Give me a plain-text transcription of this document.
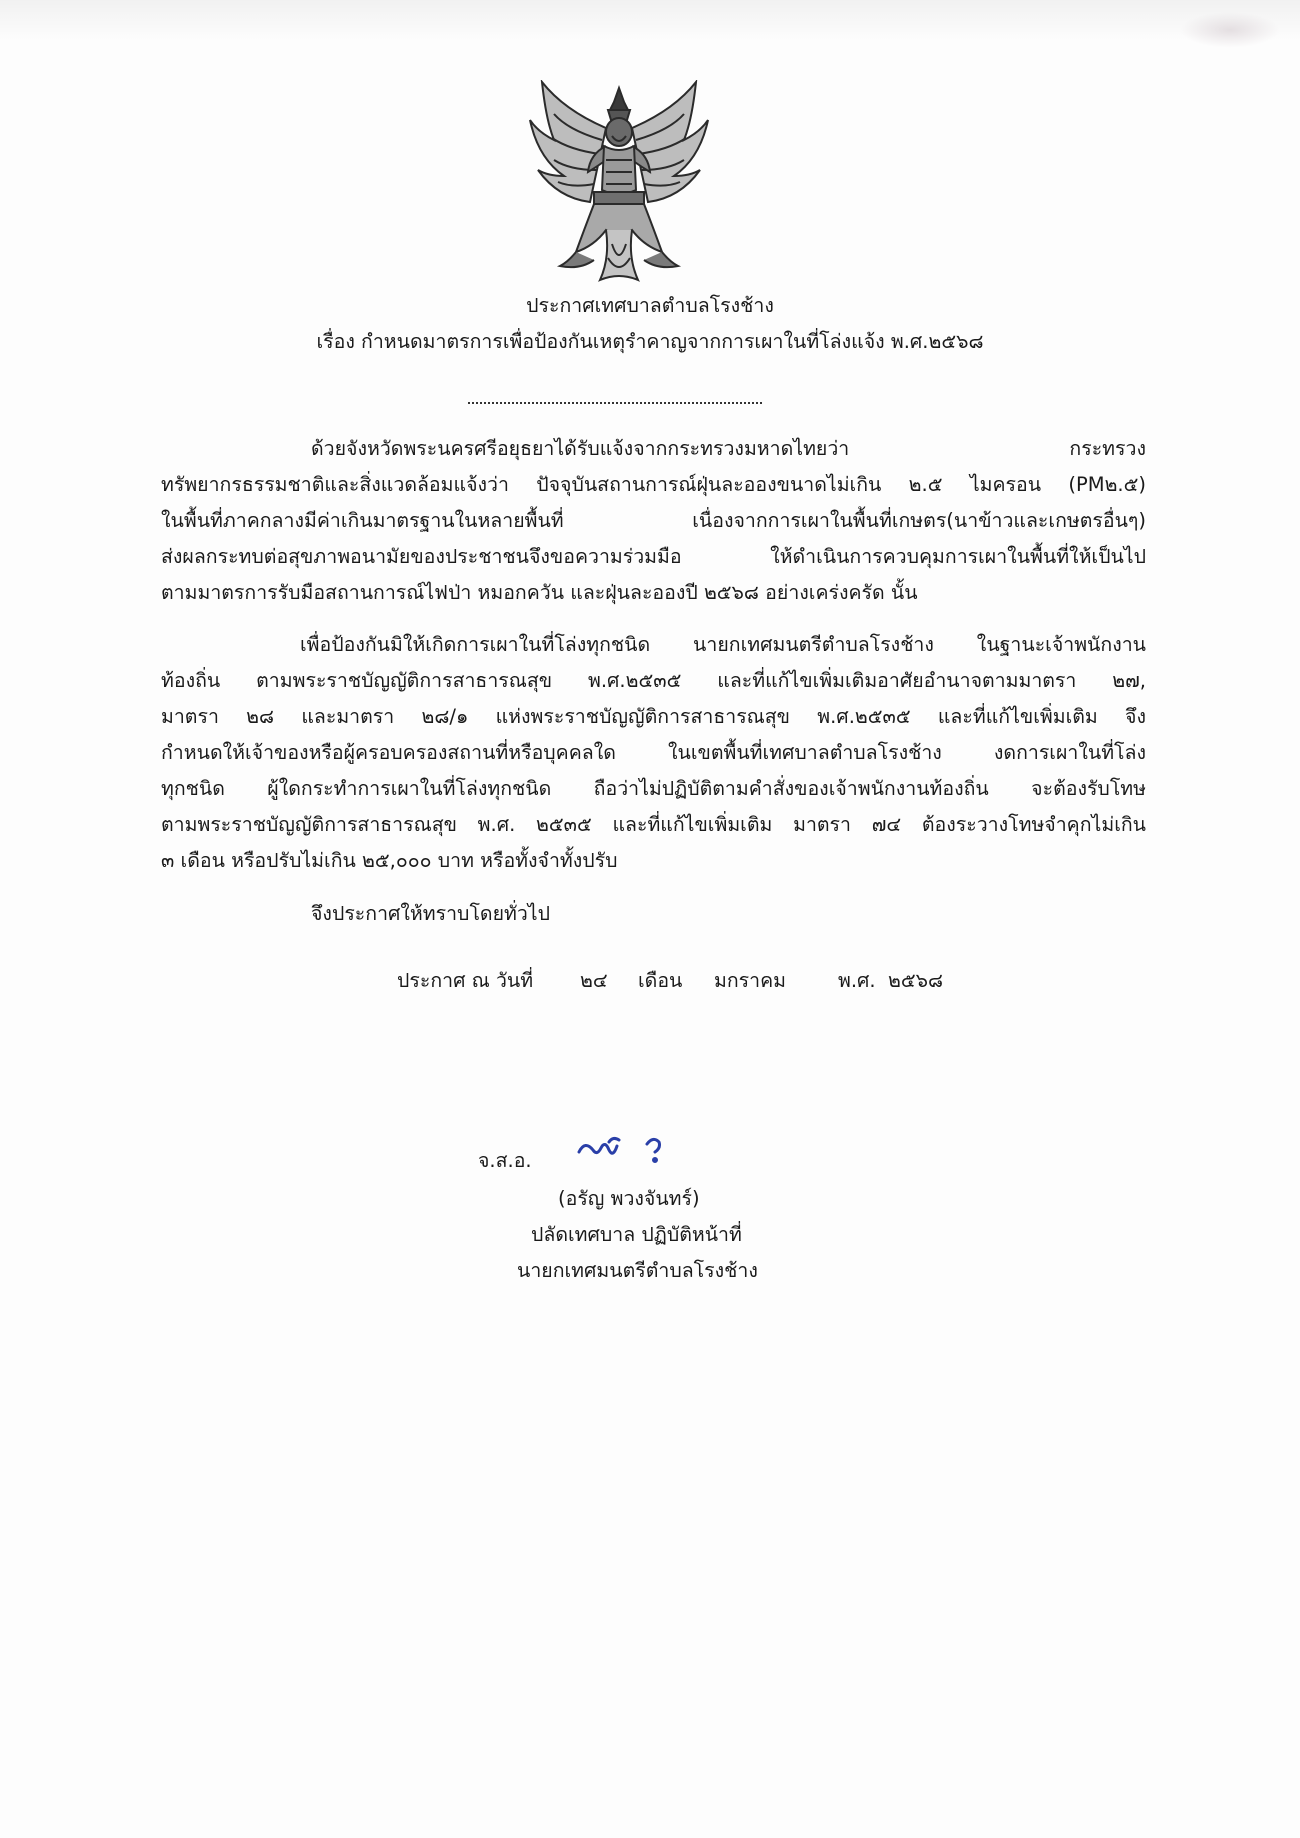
ประกาศเทศบาลตำบลโรงช้าง
เรื่อง กำหนดมาตรการเพื่อป้องกันเหตุรำคาญจากการเผาในที่โล่งแจ้ง พ.ศ.๒๕๖๘
ด้วยจังหวัดพระนครศรีอยุธยาได้รับแจ้งจากกระทรวงมหาดไทยว่า กระทรวง
ทรัพยากรธรรมชาติและสิ่งแวดล้อมแจ้งว่า ปัจจุบันสถานการณ์ฝุ่นละอองขนาดไม่เกิน ๒.๕ ไมครอน (PM๒.๕)
ในพื้นที่ภาคกลางมีค่าเกินมาตรฐานในหลายพื้นที่ เนื่องจากการเผาในพื้นที่เกษตร(นาข้าวและเกษตรอื่นๆ)
ส่งผลกระทบต่อสุขภาพอนามัยของประชาชนจึงขอความร่วมมือ ให้ดำเนินการควบคุมการเผาในพื้นที่ให้เป็นไป
ตามมาตรการรับมือสถานการณ์ไฟป่า หมอกควัน และฝุ่นละอองปี ๒๕๖๘ อย่างเคร่งครัด นั้น
เพื่อป้องกันมิให้เกิดการเผาในที่โล่งทุกชนิด นายกเทศมนตรีตำบลโรงช้าง ในฐานะเจ้าพนักงาน
ท้องถิ่น ตามพระราชบัญญัติการสาธารณสุข พ.ศ.๒๕๓๕ และที่แก้ไขเพิ่มเติมอาศัยอำนาจตามมาตรา ๒๗,
มาตรา ๒๘ และมาตรา ๒๘/๑ แห่งพระราชบัญญัติการสาธารณสุข พ.ศ.๒๕๓๕ และที่แก้ไขเพิ่มเติม จึง
กำหนดให้เจ้าของหรือผู้ครอบครองสถานที่หรือบุคคลใด ในเขตพื้นที่เทศบาลตำบลโรงช้าง งดการเผาในที่โล่ง
ทุกชนิด ผู้ใดกระทำการเผาในที่โล่งทุกชนิด ถือว่าไม่ปฏิบัติตามคำสั่งของเจ้าพนักงานท้องถิ่น จะต้องรับโทษ
ตามพระราชบัญญัติการสาธารณสุข พ.ศ. ๒๕๓๕ และที่แก้ไขเพิ่มเติม มาตรา ๗๔ ต้องระวางโทษจำคุกไม่เกิน
๓ เดือน หรือปรับไม่เกิน ๒๕,๐๐๐ บาท หรือทั้งจำทั้งปรับ
จึงประกาศให้ทราบโดยทั่วไป
ประกาศ ณ วันที่ ๒๔ เดือน มกราคม	พ.ศ. ๒๕๖๘
จ.ส.อ.
(อรัญ พวงจันทร์)
ปลัดเทศบาล ปฏิบัติหน้าที่
นายกเทศมนตรีตำบลโรงช้าง
